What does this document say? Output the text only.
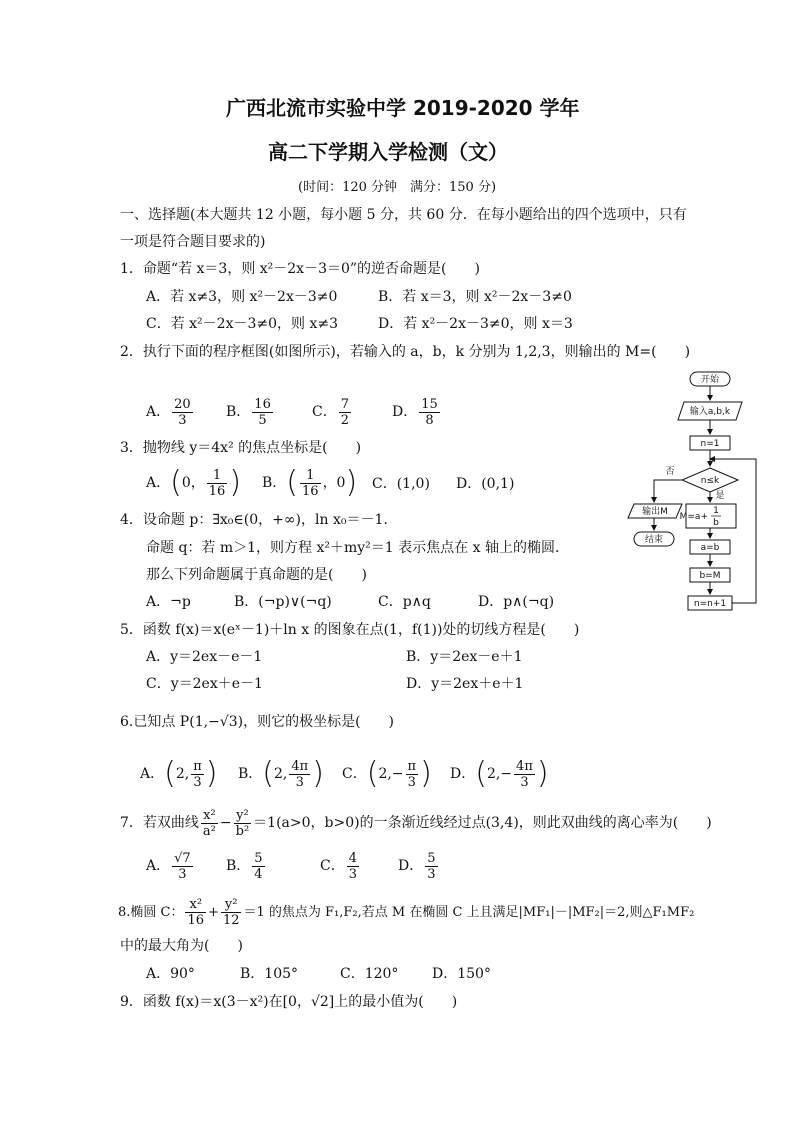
广西北流市实验中学 2019-2020 学年
高二下学期入学检测（文）
(时间：120 分钟　满分：150 分)
一、选择题(本大题共 12 小题，每小题 5 分，共 60 分．在每小题给出的四个选项中，只有
一项是符合题目要求的)
1．命题“若 x＝3，则 x²－2x－3＝0”的逆否命题是(　　)
A．若 x≠3，则 x²－2x－3≠0	B．若 x＝3，则 x²－2x－3≠0
C．若 x²－2x－3≠0，则 x≠3	D．若 x²－2x－3≠0，则 x＝3
2．执行下面的程序框图(如图所示)，若输入的 a，b，k 分别为 1,2,3，则输出的 M=(　　)
A． $\frac{20}{3}$ B． $\frac{16}{5}$	C． $\frac{7}{2}$	D． $\frac{15}{8}$
开始
输入a,b,k
n=1
n≤k
否
输出M
结束
是
M=a+
1
b
a=b
b=M
n=n+1
3．抛物线 y＝4x² 的焦点坐标是(　　)
A．(0， $\frac{1}{16}$ ) B．( $\frac{1}{16}$ ，0) C．(1,0) D．(0,1)
4．设命题 p：∃x₀∈(0，+∞)，ln x₀＝－1.
命题 q：若 m＞1，则方程 x²＋my²＝1 表示焦点在 x 轴上的椭圆．
那么下列命题属于真命题的是(　　)
A．¬p	B．(¬p)∨(¬q)	C．p∧q	D．p∧(¬q)
5．函数 f(x)＝x(eˣ－1)＋ln x 的图象在点(1，f(1))处的切线方程是(　　)
A．y＝2ex－e－1	B．y＝2ex－e＋1
C．y＝2ex＋e－1	D．y＝2ex＋e＋1
6.已知点 P(1,−√3)，则它的极坐标是(　　)
A．(2, $\frac{\pi}{3}$ ) B．(2, $\frac{4\pi}{3}$ ) C．($2,- \frac{\pi}{3}$ ) D．($2,- \frac{4\pi}{3}$ )
7．若双曲线 $\frac{\text{x²}}{\text{a²}} - \frac{\text{y²}}{\text{b²}} =1(a>0$，b>0)的一条渐近线经过点(3,4)，则此双曲线的离心率为(　　)
A． $\frac{√7}{3}$ B． $\frac{5}{4}$	C． $\frac{4}{3}$	D． $\frac{5}{3}$
8.椭圆 C： $\frac{\text{x²}}{16} + \frac{\text{y²}}{12} =1$ 的焦点为 F₁,F₂,若点 M 在椭圆 C 上且满足|MF₁|－|MF₂|＝2,则△F₁MF₂
中的最大角为(　　)
A．90°	B．105°	C．120° D．150°
9．函数 f(x)＝x(3－x²)在[0，√2]上的最小值为(　　)
